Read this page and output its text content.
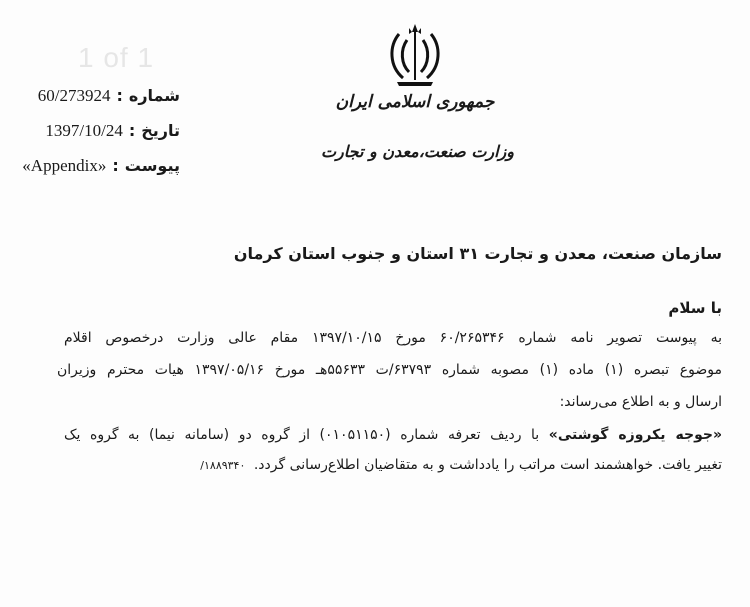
1 of 1
شماره
:
60/273924
تاریخ
:
1397/10/24
پیوست
:
«Appendix»
جمهوری اسلامی ایران
وزارت صنعت،معدن و تجارت
سازمان صنعت، معدن و تجارت ۳۱ استان و جنوب استان کرمان
با سلام
به پیوست تصویر نامه شماره ۶۰/۲۶۵۳۴۶ مورخ ۱۳۹۷/۱۰/۱۵ مقام عالی وزارت درخصوص اقلام
موضوع تبصره (۱) ماده (۱) مصوبه شماره ۶۳۷۹۳/ت ۵۵۶۳۳هـ مورخ ۱۳۹۷/۰۵/۱۶ هیات محترم وزیران
ارسال و به اطلاع می‌رساند:
«جوجه یکروزه گوشتی» با ردیف تعرفه شماره (۰۱۰۵۱۱۵۰) از گروه دو (سامانه نیما) به گروه یک
تغییر یافت. خواهشمند است مراتب را یادداشت و به متقاضیان اطلاع‌رسانی گردد. ۱۸۸۹۳۴۰/
